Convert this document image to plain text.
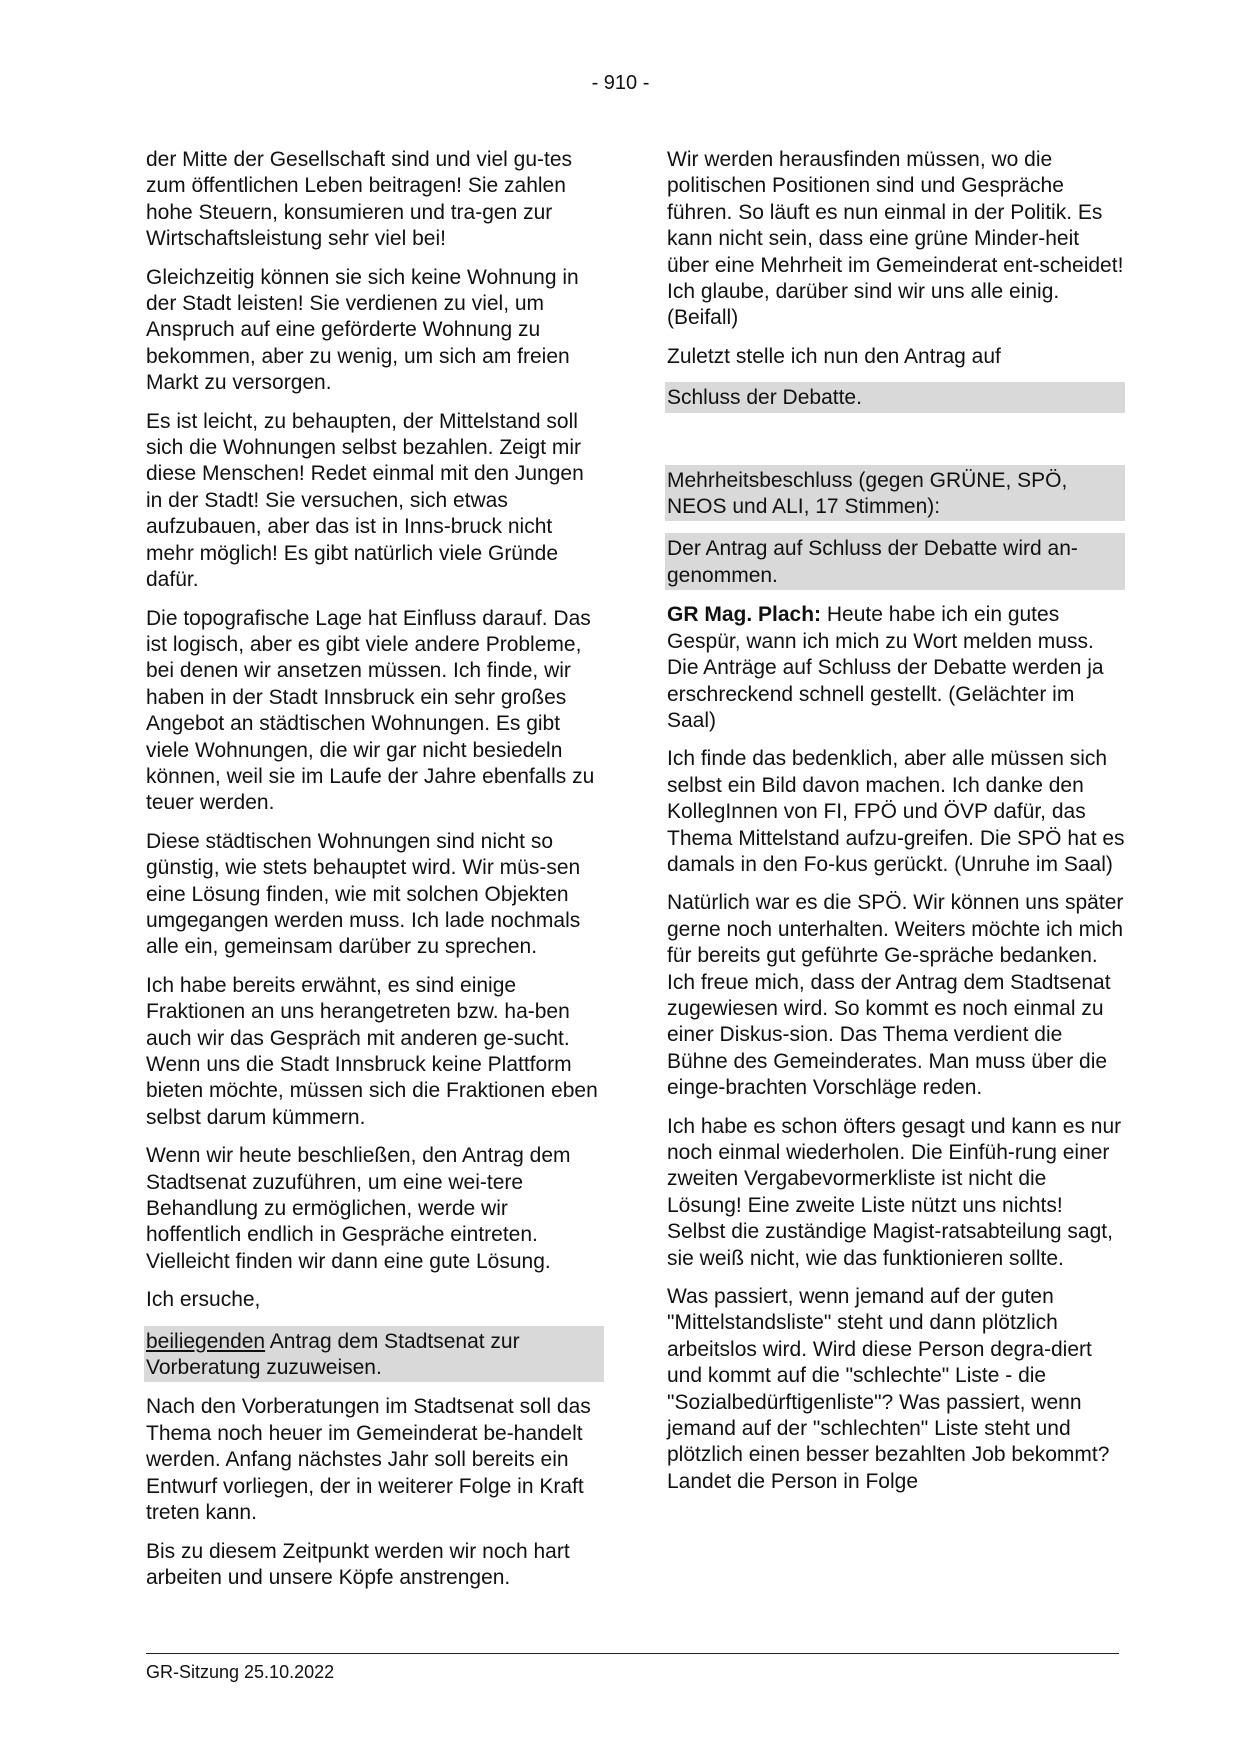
- 910 -

der Mitte der Gesellschaft sind und viel gu-tes zum öffentlichen Leben beitragen! Sie zahlen hohe Steuern, konsumieren und tra-gen zur Wirtschaftsleistung sehr viel bei!

Gleichzeitig können sie sich keine Wohnung in der Stadt leisten! Sie verdienen zu viel, um Anspruch auf eine geförderte Wohnung zu bekommen, aber zu wenig, um sich am freien Markt zu versorgen.

Es ist leicht, zu behaupten, der Mittelstand soll sich die Wohnungen selbst bezahlen. Zeigt mir diese Menschen! Redet einmal mit den Jungen in der Stadt! Sie versuchen, sich etwas aufzubauen, aber das ist in Inns-bruck nicht mehr möglich! Es gibt natürlich viele Gründe dafür.

Die topografische Lage hat Einfluss darauf. Das ist logisch, aber es gibt viele andere Probleme, bei denen wir ansetzen müssen. Ich finde, wir haben in der Stadt Innsbruck ein sehr großes Angebot an städtischen Wohnungen. Es gibt viele Wohnungen, die wir gar nicht besiedeln können, weil sie im Laufe der Jahre ebenfalls zu teuer werden.

Diese städtischen Wohnungen sind nicht so günstig, wie stets behauptet wird. Wir müs-sen eine Lösung finden, wie mit solchen Objekten umgegangen werden muss. Ich lade nochmals alle ein, gemeinsam darüber zu sprechen.

Ich habe bereits erwähnt, es sind einige Fraktionen an uns herangetreten bzw. ha-ben auch wir das Gespräch mit anderen ge-sucht. Wenn uns die Stadt Innsbruck keine Plattform bieten möchte, müssen sich die Fraktionen eben selbst darum kümmern.

Wenn wir heute beschließen, den Antrag dem Stadtsenat zuzuführen, um eine wei-tere Behandlung zu ermöglichen, werde wir hoffentlich endlich in Gespräche eintreten. Vielleicht finden wir dann eine gute Lösung.

Ich ersuche,

beiliegenden Antrag dem Stadtsenat zur Vorberatung zuzuweisen.

Nach den Vorberatungen im Stadtsenat soll das Thema noch heuer im Gemeinderat be-handelt werden. Anfang nächstes Jahr soll bereits ein Entwurf vorliegen, der in weiterer Folge in Kraft treten kann.

Bis zu diesem Zeitpunkt werden wir noch hart arbeiten und unsere Köpfe anstrengen.

Wir werden herausfinden müssen, wo die politischen Positionen sind und Gespräche führen. So läuft es nun einmal in der Politik. Es kann nicht sein, dass eine grüne Minder-heit über eine Mehrheit im Gemeinderat ent-scheidet! Ich glaube, darüber sind wir uns alle einig. (Beifall)

Zuletzt stelle ich nun den Antrag auf

Schluss der Debatte.

Mehrheitsbeschluss (gegen GRÜNE, SPÖ, NEOS und ALI, 17 Stimmen):

Der Antrag auf Schluss der Debatte wird an-genommen.

GR Mag. Plach: Heute habe ich ein gutes Gespür, wann ich mich zu Wort melden muss. Die Anträge auf Schluss der Debatte werden ja erschreckend schnell gestellt. (Gelächter im Saal)

Ich finde das bedenklich, aber alle müssen sich selbst ein Bild davon machen. Ich danke den KollegInnen von FI, FPÖ und ÖVP dafür, das Thema Mittelstand aufzu-greifen. Die SPÖ hat es damals in den Fo-kus gerückt. (Unruhe im Saal)

Natürlich war es die SPÖ. Wir können uns später gerne noch unterhalten. Weiters möchte ich mich für bereits gut geführte Ge-spräche bedanken. Ich freue mich, dass der Antrag dem Stadtsenat zugewiesen wird. So kommt es noch einmal zu einer Diskus-sion. Das Thema verdient die Bühne des Gemeinderates. Man muss über die einge-brachten Vorschläge reden.

Ich habe es schon öfters gesagt und kann es nur noch einmal wiederholen. Die Einfüh-rung einer zweiten Vergabevormerkliste ist nicht die Lösung! Eine zweite Liste nützt uns nichts! Selbst die zuständige Magist-ratsabteilung sagt, sie weiß nicht, wie das funktionieren sollte.

Was passiert, wenn jemand auf der guten "Mittelstandsliste" steht und dann plötzlich arbeitslos wird. Wird diese Person degra-diert und kommt auf die "schlechte" Liste - die "Sozialbedürftigenliste"? Was passiert, wenn jemand auf der "schlechten" Liste steht und plötzlich einen besser bezahlten Job bekommt? Landet die Person in Folge

GR-Sitzung 25.10.2022
